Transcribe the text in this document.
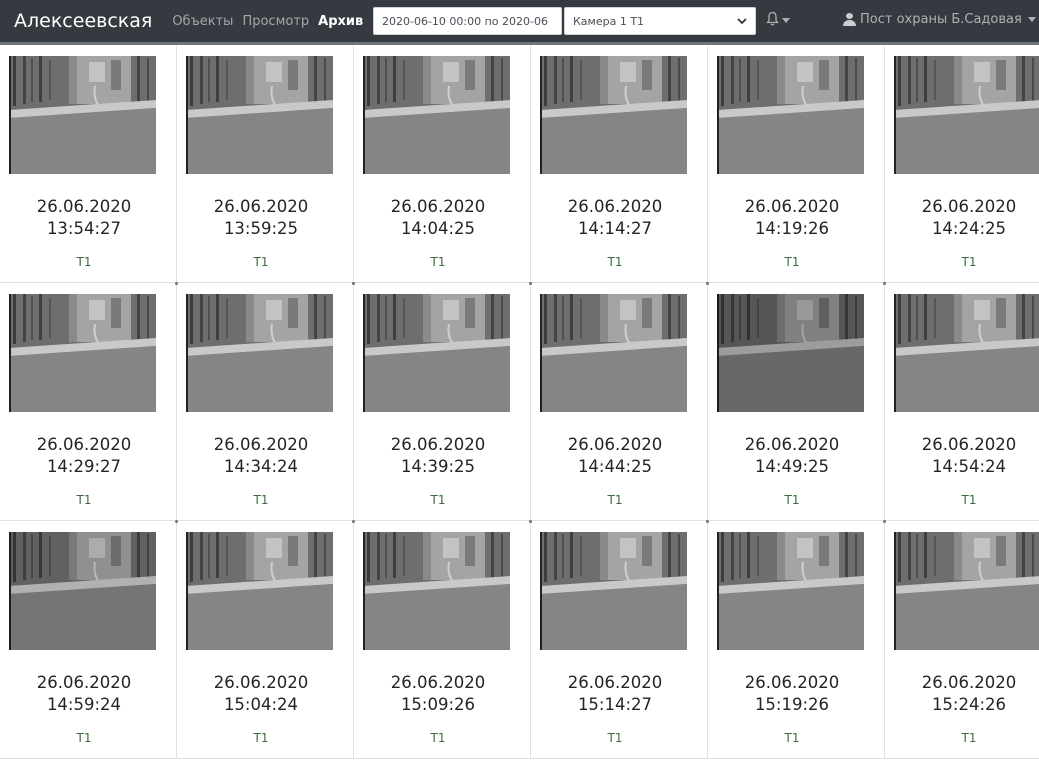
Алексеевская Объекты Просмотр Архив
2020-06-10 00:00 по 2020-06	Камера 1 Т1	Пост охраны Б.Садовая
26.06.2020
13:54:27
T1
26.06.2020
13:59:25
T1
26.06.2020
14:04:25
T1
26.06.2020
14:14:27
T1
26.06.2020
14:19:26
T1
26.06.2020
14:24:25
T1
26.06.2020
14:29:27
T1
26.06.2020
14:34:24
T1
26.06.2020
14:39:25
T1
26.06.2020
14:44:25
T1
26.06.2020
14:49:25
T1
26.06.2020
14:54:24
T1
26.06.2020
14:59:24
T1
26.06.2020
15:04:24
T1
26.06.2020
15:09:26
T1
26.06.2020
15:14:27
T1
26.06.2020
15:19:26
T1
26.06.2020
15:24:26
T1
